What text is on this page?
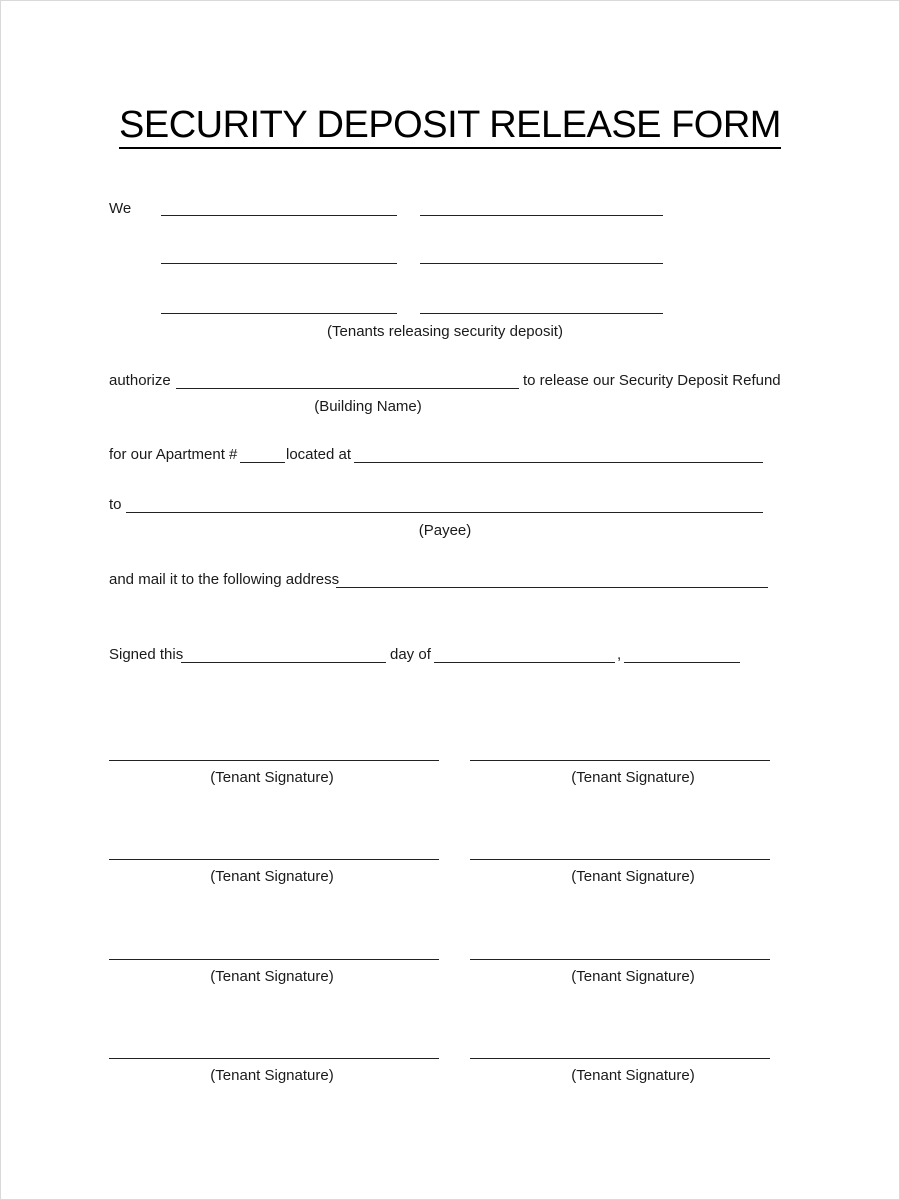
SECURITY DEPOSIT RELEASE FORM
We
(Tenants releasing security deposit)
authorize	to release our Security Deposit Refund
(Building Name)
for our Apartment #	located at
to
(Payee)
and mail it to the following address
Signed this	day of	,
(Tenant Signature)	(Tenant Signature)
(Tenant Signature)	(Tenant Signature)
(Tenant Signature)	(Tenant Signature)
(Tenant Signature)	(Tenant Signature)
